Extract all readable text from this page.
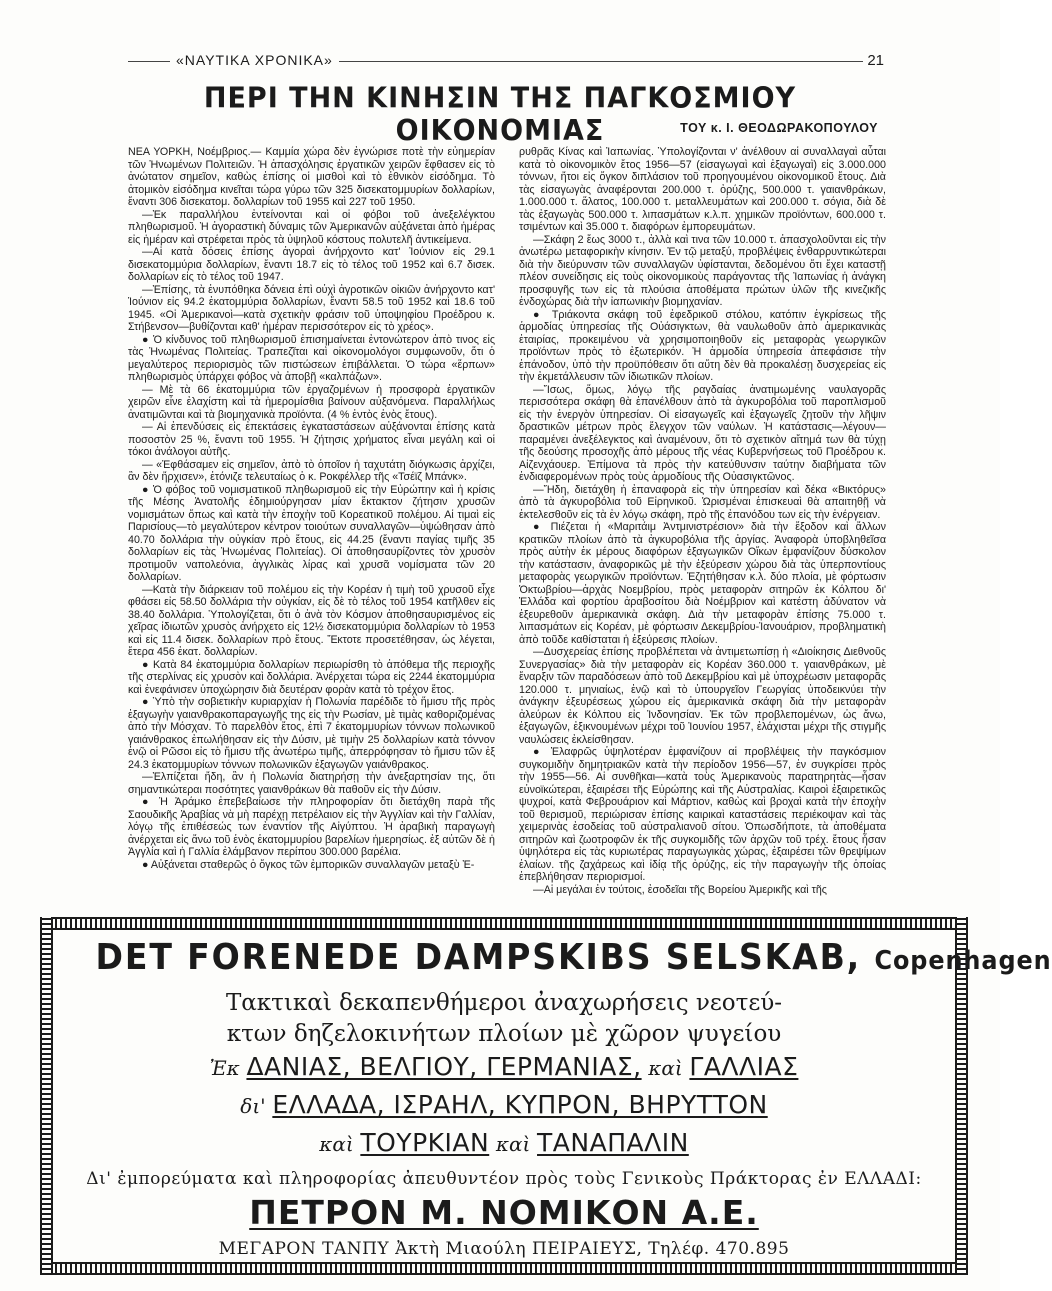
«ΝΑΥΤΙΚΑ ΧΡΟΝΙΚΑ»	21
ΠΕΡΙ ΤΗΝ ΚΙΝΗΣΙΝ ΤΗΣ ΠΑΓΚΟΣΜΙΟΥ ΟΙΚΟΝΟΜΙΑΣ	ΤΟΥ κ. Ι. ΘΕΟΔΩΡΑΚΟΠΟΥΛΟΥ

ΝΕΑ ΥΟΡΚΗ, Νοέμβριος.— Καμμία χώρα δὲν ἐγνώρισε ποτὲ τὴν εὐημερίαν τῶν Ἡνωμένων Πολιτειῶν. Ἡ ἀπασχόλησις ἐργατικῶν χειρῶν ἔφθασεν εἰς τὸ ἀνώτατον σημεῖον, καθὼς ἐπίσης οἱ μισθοὶ καὶ τὸ ἐθνικὸν εἰσόδημα. Τὸ ἀτομικὸν εἰσόδημα κινεῖται τώρα γύρω τῶν 325 δισεκατομμυρίων δολλαρίων, ἔναντι 306 δισεκατομ. δολλαρίων τοῦ 1955 καὶ 227 τοῦ 1950.

—Ἐκ παραλλήλου ἐντείνονται καὶ οἱ φόβοι τοῦ ἀνεξελέγκτου πληθωρισμοῦ. Ἡ ἀγοραστικὴ δύναμις τῶν Ἀμερικανῶν αὐξάνεται ἀπὸ ἡμέρας εἰς ἡμέραν καὶ στρέφεται πρὸς τὰ ὑψηλοῦ κόστους πολυτελῆ ἀντικείμενα.

—Αἱ κατὰ δόσεις ἐπίσης ἀγοραὶ ἀνήρχοντο κατ' Ἰούνιον εἰς 29.1 δισεκατομμύρια δολλαρίων, ἔναντι 18.7 εἰς τὸ τέλος τοῦ 1952 καὶ 6.7 δισεκ. δολλαρίων εἰς τὸ τέλος τοῦ 1947.

—Ἐπίσης, τὰ ἐνυπόθηκα δάνεια ἐπὶ οὐχὶ ἀγροτικῶν οἰκιῶν ἀνήρχοντο κατ' Ἰούνιον εἰς 94.2 ἑκατομμύρια δολλαρίων, ἔναντι 58.5 τοῦ 1952 καὶ 18.6 τοῦ 1945. «Οἱ Ἀμερικανοὶ—κατὰ σχετικὴν φράσιν τοῦ ὑποψηφίου Προέδρου κ. Στήβενσον—βυθίζονται καθ' ἡμέραν περισσότερον εἰς τὸ χρέος».

● Ὁ κίνδυνος τοῦ πληθωρισμοῦ ἐπισημαίνεται ἐντονώτερον ἀπὸ τινος εἰς τὰς Ἡνωμένας Πολιτείας. Τραπεζῖται καὶ οἰκονομολόγοι συμφωνοῦν, ὅτι ὁ μεγαλύτερος περιορισμὸς τῶν πιστώσεων ἐπιβάλλεται. Ὁ τώρα «ἕρπων» πληθωρισμὸς ὑπάρχει φόβος νὰ ἀποβῇ «καλπάζων».

— Μὲ τὰ 66 ἑκατομμύρια τῶν ἐργαζομένων ἡ προσφορὰ ἐργατικῶν χειρῶν εἶνε ἐλαχίστη καὶ τὰ ἡμερομίσθια βαίνουν αὐξανόμενα. Παραλλήλως ἀνατιμῶνται καὶ τὰ βιομηχανικὰ προϊόντα. (4 % ἐντὸς ἑνὸς ἔτους).

— Αἱ ἐπενδύσεις εἰς ἐπεκτάσεις ἐγκαταστάσεων αὐξάνονται ἐπίσης κατὰ ποσοστὸν 25 %, ἔναντι τοῦ 1955. Ἡ ζήτησις χρήματος εἶναι μεγάλη καὶ οἱ τόκοι ἀνάλογοι αὐτῆς.

— «Ἐφθάσαμεν εἰς σημεῖον, ἀπὸ τὸ ὁποῖον ἡ ταχυτάτη διόγκωσις ἀρχίζει, ἂν δὲν ἤρχισεν», ἐτόνιζε τελευταίως ὁ κ. Ροκφέλλερ τῆς «Τσέϊζ Μπάνκ».

● Ὁ φόβος τοῦ νομισματικοῦ πληθωρισμοῦ εἰς τὴν Εὐρώπην καὶ ἡ κρίσις τῆς Μέσης Ἀνατολῆς ἐδημιούργησαν μίαν ἔκτακτον ζήτησιν χρυσῶν νομισμάτων ὅπως καὶ κατὰ τὴν ἐποχὴν τοῦ Κορεατικοῦ πολέμου. Αἱ τιμαὶ εἰς Παρισίους—τὸ μεγαλύτερον κέντρον τοιούτων συναλλαγῶν—ὑψώθησαν ἀπὸ 40.70 δολλάρια τὴν οὐγκίαν πρὸ ἔτους, εἰς 44.25 (ἔναντι παγίας τιμῆς 35 δολλαρίων εἰς τὰς Ἡνωμένας Πολιτείας). Οἱ ἀποθησαυρίζοντες τὸν χρυσὸν προτιμοῦν ναπολεόνια, ἀγγλικὰς λίρας καὶ χρυσᾶ νομίσματα τῶν 20 δολλαρίων.

—Κατὰ τὴν διάρκειαν τοῦ πολέμου εἰς τὴν Κορέαν ἡ τιμὴ τοῦ χρυσοῦ εἶχε φθάσει εἰς 58.50 δολλάρια τὴν οὐγκίαν, εἰς δὲ τὸ τέλος τοῦ 1954 κατῆλθεν εἰς 38.40 δολλάρια. Ὑπολογίζεται, ὅτι ὁ ἀνὰ τὸν Κόσμον ἀποθησαυρισμένος εἰς χεῖρας ἰδιωτῶν χρυσὸς ἀνήρχετο εἰς 12½ δισεκατομμύρια δολλαρίων τὸ 1953 καὶ εἰς 11.4 δισεκ. δολλαρίων πρὸ ἔτους. Ἔκτοτε προσετέθησαν, ὡς λέγεται, ἕτερα 456 ἑκατ. δολλαρίων.

● Κατὰ 84 ἑκατομμύρια δολλαρίων περιωρίσθη τὸ ἀπόθεμα τῆς περιοχῆς τῆς στερλίνας εἰς χρυσὸν καὶ δολλάρια. Ἀνέρχεται τώρα εἰς 2244 ἑκατομμύρια καὶ ἐνεφάνισεν ὑποχώρησιν διὰ δευτέραν φορὰν κατὰ τὸ τρέχον ἔτος.

● Ὑπὸ τὴν σοβιετικὴν κυριαρχίαν ἡ Πολωνία παρέδιδε τὸ ἥμισυ τῆς πρὸς ἐξαγωγὴν γαιανθρακοπαραγωγῆς της εἰς τὴν Ρωσίαν, μὲ τιμὰς καθοριζομένας ἀπὸ τὴν Μόσχαν. Τὸ παρελθὸν ἔτος, ἐπὶ 7 ἑκατομμυρίων τόννων πολωνικοῦ γαιάνθρακος ἐπωλήθησαν εἰς τὴν Δύσιν, μὲ τιμὴν 25 δολλαρίων κατὰ τόννον ἐνῷ οἱ Ρῶσοι εἰς τὸ ἥμισυ τῆς ἀνωτέρω τιμῆς, ἀπερρόφησαν τὸ ἥμισυ τῶν ἐξ 24.3 ἑκατομμυρίων τόννων πολωνικῶν ἐξαγωγῶν γαιάνθρακος.

—Ἐλπίζεται ἤδη, ἂν ἡ Πολωνία διατηρήσῃ τὴν ἀνεξαρτησίαν της, ὅτι σημαντικώτεραι ποσότητες γαιανθράκων θὰ παθοῦν εἰς τὴν Δύσιν.

● Ἡ Ἀράμκο ἐπεβεβαίωσε τὴν πληροφορίαν ὅτι διετάχθη παρὰ τῆς Σαουδικῆς Ἀραβίας νὰ μὴ παρέχῃ πετρέλαιον εἰς τὴν Ἀγγλίαν καὶ τὴν Γαλλίαν, λόγῳ τῆς ἐπιθέσεώς των ἐναντίον τῆς Αἰγύπτου. Ἡ ἀραβικὴ παραγωγὴ ἀνέρχεται εἰς ἄνω τοῦ ἑνὸς ἑκατομμυρίου βαρελίων ἡμερησίως. ἐξ αὐτῶν δὲ ἡ Ἀγγλία καὶ ἡ Γαλλία ἐλάμβανον περίπου 300.000 βαρέλια.

● Αὐξάνεται σταθερῶς ὁ ὄγκος τῶν ἐμπορικῶν συναλλαγῶν μεταξὺ Ἐ-

ρυθρᾶς Κίνας καὶ Ἰαπωνίας. Ὑπολογίζονται ν' ἀνέλθουν αἱ συναλλαγαὶ αὗται κατὰ τὸ οἰκονομικὸν ἔτος 1956—57 (εἰσαγωγαὶ καὶ ἐξαγωγαὶ) εἰς 3.000.000 τόννων, ἤτοι εἰς ὄγκον διπλάσιον τοῦ προηγουμένου οἰκονομικοῦ ἔτους. Διὰ τὰς εἰσαγωγὰς ἀναφέρονται 200.000 τ. ὀρύζης, 500.000 τ. γαιανθράκων, 1.000.000 τ. ἅλατος, 100.000 τ. μεταλλευμάτων καὶ 200.000 τ. σόγια, διὰ δὲ τὰς ἐξαγωγὰς 500.000 τ. λιπασμάτων κ.λ.π. χημικῶν προϊόντων, 600.000 τ. τσιμέντων καὶ 35.000 τ. διαφόρων ἐμπορευμάτων.

—Σκάφη 2 ἕως 3000 τ., ἀλλὰ καὶ τινα τῶν 10.000 τ. ἀπασχολοῦνται εἰς τὴν ἀνωτέρω μεταφορικὴν κίνησιν. Ἐν τῷ μεταξύ, προβλέψεις ἐνθαρρυντικώτεραι διὰ τὴν διεύρυνσιν τῶν συναλλαγῶν ὑφίστανται, δεδομένου ὅτι ἔχει καταστῇ πλέον συνείδησις εἰς τοὺς οἰκονομικοὺς παράγοντας τῆς Ἰαπωνίας ἡ ἀνάγκη προσφυγῆς των εἰς τὰ πλούσια ἀποθέματα πρώτων ὑλῶν τῆς κινεζικῆς ἐνδοχώρας διὰ τὴν ἰαπωνικὴν βιομηχανίαν.

● Τριάκοντα σκάφη τοῦ ἐφεδρικοῦ στόλου, κατόπιν ἐγκρίσεως τῆς ἁρμοδίας ὑπηρεσίας τῆς Οὐάσιγκτων, θὰ ναυλωθοῦν ἀπὸ ἀμερικανικὰς ἑταιρίας, προκειμένου νὰ χρησιμοποιηθοῦν εἰς μεταφορὰς γεωργικῶν προϊόντων πρὸς τὸ ἐξωτερικόν. Ἡ ἁρμοδία ὑπηρεσία ἀπεφάσισε τὴν ἐπάνοδον, ὑπὸ τὴν προϋπόθεσιν ὅτι αὕτη δὲν θὰ προκαλέσῃ δυσχερείας εἰς τὴν ἐκμετάλλευσιν τῶν ἰδιωτικῶν πλοίων.

—Ἴσως, ὅμως, λόγῳ τῆς ραγδαίας ἀνατιμωμένης ναυλαγορᾶς περισσότερα σκάφη θὰ ἐπανέλθουν ἀπὸ τὰ ἀγκυροβόλια τοῦ παροπλισμοῦ εἰς τὴν ἐνεργὸν ὑπηρεσίαν. Οἱ εἰσαγωγεῖς καὶ ἐξαγωγεῖς ζητοῦν τὴν λῆψιν δραστικῶν μέτρων πρὸς ἔλεγχον τῶν ναύλων. Ἡ κατάστασις—λέγουν—παραμένει ἀνεξέλεγκτος καὶ ἀναμένουν, ὅτι τὸ σχετικὸν αἴτημά των θὰ τύχῃ τῆς δεούσης προσοχῆς ἀπὸ μέρους τῆς νέας Κυβερνήσεως τοῦ Προέδρου κ. Αἰζενχάουερ. Ἐπίμονα τὰ πρὸς τὴν κατεύθυνσιν ταύτην διαβήματα τῶν ἐνδιαφερομένων πρὸς τοὺς ἁρμοδίους τῆς Οὐασιγκτῶνος.

—Ἤδη, διετάχθη ἡ ἐπαναφορὰ εἰς τὴν ὑπηρεσίαν καὶ δέκα «Βικτόρυς» ἀπὸ τὰ ἀγκυροβόλια τοῦ Εἰρηνικοῦ. Ὡρισμέναι ἐπισκευαὶ θὰ απαιτηθῇ νὰ ἐκτελεσθοῦν εἰς τὰ ἐν λόγῳ σκάφη, πρὸ τῆς ἐπανόδου των εἰς τὴν ἐνέργειαν.

● Πιέζεται ἡ «Μαριτάιμ Ἀντμινιστρέσιον» διὰ τὴν ἔξοδον καὶ ἄλλων κρατικῶν πλοίων ἀπὸ τὰ ἀγκυροβόλια τῆς ἀργίας. Ἀναφορὰ ὑποβληθεῖσα πρὸς αὐτὴν ἐκ μέρους διαφόρων ἐξαγωγικῶν Οἴκων ἐμφανίζουν δύσκολον τὴν κατάστασιν, ἀναφορικῶς μὲ τὴν ἐξεύρεσιν χώρου διὰ τὰς ὑπερποντίους μεταφορὰς γεωργικῶν προϊόντων. Ἐζητήθησαν κ.λ. δύο πλοία, μὲ φόρτωσιν Ὀκτωβρίου—ἀρχὰς Νοεμβρίου, πρὸς μεταφορὰν σιτηρῶν ἐκ Κόλπου δι' Ἑλλάδα καὶ φορτίου ἀραβοσίτου διὰ Νοέμβριον καὶ κατέστη ἀδύνατον νὰ ἐξευρεθοῦν ἀμερικανικὰ σκάφη. Διὰ τὴν μεταφορὰν ἐπίσης 75.000 τ. λιπασμάτων εἰς Κορέαν, μὲ φόρτωσιν Δεκεμβρίου-Ἰανουάριον, προβληματικὴ ἀπὸ τοῦδε καθίσταται ἡ ἐξεύρεσις πλοίων.

—Δυσχερείας ἐπίσης προβλέπεται νὰ ἀντιμετωπίσῃ ἡ «Διοίκησις Διεθνοῦς Συνεργασίας» διὰ τὴν μεταφορὰν εἰς Κορέαν 360.000 τ. γαιανθράκων, μὲ ἔναρξιν τῶν παραδόσεων ἀπὸ τοῦ Δεκεμβρίου καὶ μὲ ὑποχρέωσιν μεταφορᾶς 120.000 τ. μηνιαίως, ἐνῷ καὶ τὸ ὑπουργεῖον Γεωργίας ὑποδεικνύει τὴν ἀνάγκην ἐξευρέσεως χώρου εἰς ἀμερικανικὰ σκάφη διὰ τὴν μεταφορὰν ἀλεύρων ἐκ Κόλπου εἰς Ἰνδονησίαν. Ἐκ τῶν προβλεπομένων, ὡς ἄνω, ἐξαγωγῶν, ἐξικνουμένων μέχρι τοῦ Ἰουνίου 1957, ἐλάχισται μέχρι τῆς στιγμῆς ναυλώσεις ἐκλείσθησαν.

● Ἐλαφρῶς ὑψηλοτέραν ἐμφανίζουν αἱ προβλέψεις τὴν παγκόσμιον συγκομιδὴν δημητριακῶν κατὰ τὴν περίοδον 1956—57, ἐν συγκρίσει πρὸς τὴν 1955—56. Αἱ συνθῆκαι—κατὰ τοὺς Ἀμερικανοὺς παρατηρητὰς—ἦσαν εὐνοϊκώτεραι, ἐξαιρέσει τῆς Εὐρώπης καὶ τῆς Αὐστραλίας. Καιροὶ ἐξαιρετικῶς ψυχροί, κατὰ Φεβρουάριον καὶ Μάρτιον, καθὼς καὶ βροχαὶ κατὰ τὴν ἐποχὴν τοῦ θερισμοῦ, περιώρισαν ἐπίσης καιρικαὶ καταστάσεις περιέκοψαν καὶ τὰς χειμερινὰς ἐσοδείας τοῦ αὐστραλιανοῦ σίτου. Ὁπωσδήποτε, τὰ ἀποθέματα σιτηρῶν καὶ ζωοτροφῶν ἐκ τῆς συγκομιδῆς τῶν ἀρχῶν τοῦ τρέχ. ἔτους ἦσαν ὑψηλότερα εἰς τὰς κυριωτέρας παραγωγικὰς χώρας, ἐξαιρέσει τῶν θρεψίμων ἐλαίων. τῆς ζαχάρεως καὶ ἰδίᾳ τῆς ὀρύζης, εἰς τὴν παραγωγὴν τῆς ὁποίας ἐπεβλήθησαν περιορισμοί.

—Αἱ μεγάλαι ἐν τούτοις, ἐσοδεῖαι τῆς Βορείου Ἀμερικῆς καὶ τῆς

DET FORENEDE DAMPSKIBS SELSKAB, Copenhagen
Τακτικαὶ δεκαπενθήμεροι ἀναχωρήσεις νεοτεύ-
κτων δηζελοκινήτων πλοίων μὲ χῶρον ψυγείου
Ἐκ ΔΑΝΙΑΣ, ΒΕΛΓΙΟΥ, ΓΕΡΜΑΝΙΑΣ, καὶ ΓΑΛΛΙΑΣ
δι' ΕΛΛΑΔΑ, ΙΣΡΑΗΛ, ΚΥΠΡΟΝ, ΒΗΡΥΤΤΟΝ
καὶ ΤΟΥΡΚΙΑΝ καὶ ΤΑΝΑΠΑΛΙΝ
Δι' ἐμπορεύματα καὶ πληροφορίας ἀπευθυντέον πρὸς τοὺς Γενικοὺς Πράκτορας ἐν ΕΛΛΑΔΙ:
ΠΕΤΡΟΝ Μ. ΝΟΜΙΚΟΝ Α.Ε.
ΜΕΓΑΡΟΝ ΤΑΝΠΥ Ἀκτὴ Μιαούλη ΠΕΙΡΑΙΕΥΣ, Τηλέφ. 470.895
